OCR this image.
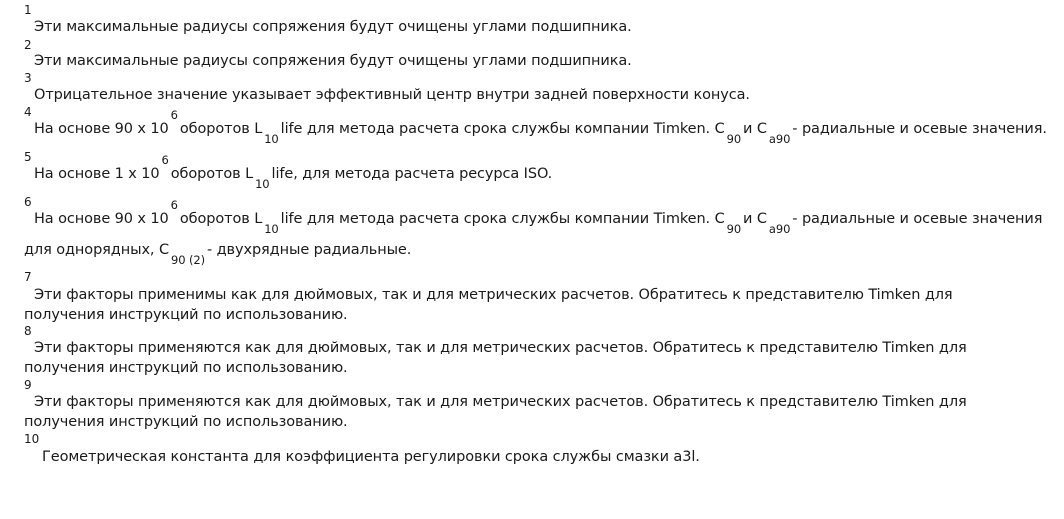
1
Эти максимальные радиусы сопряжения будут очищены углами подшипника.
2
Эти максимальные радиусы сопряжения будут очищены углами подшипника.
3
Отрицательное значение указывает эффективный центр внутри задней поверхности конуса.
4
На основе 90 x $10^6оборотов$ $L_{10}life$ для метода расчета срока службы компании Timken. $C_{90}и$ $C_{a90}-$ радиальные и осевые значения.
5
На основе 1 x $10^6оборотов$ $L_{10}life$, для метода расчета ресурса ISO.
6
На основе 90 x $10^6оборотов$ $L_{10}life$ для метода расчета срока службы компании Timken. $C_{90}и$ $C_{a90}-$ радиальные и осевые значения
для однорядных, $C_{90 (2)}-$ двухрядные радиальные.
7
Эти факторы применимы как для дюймовых, так и для метрических расчетов. Обратитесь к представителю Timken для получения инструкций по использованию.
8
Эти факторы применяются как для дюймовых, так и для метрических расчетов. Обратитесь к представителю Timken для получения инструкций по использованию.
9
Эти факторы применяются как для дюймовых, так и для метрических расчетов. Обратитесь к представителю Timken для получения инструкций по использованию.
10
Геометрическая константа для коэффициента регулировки срока службы смазки a3l.
